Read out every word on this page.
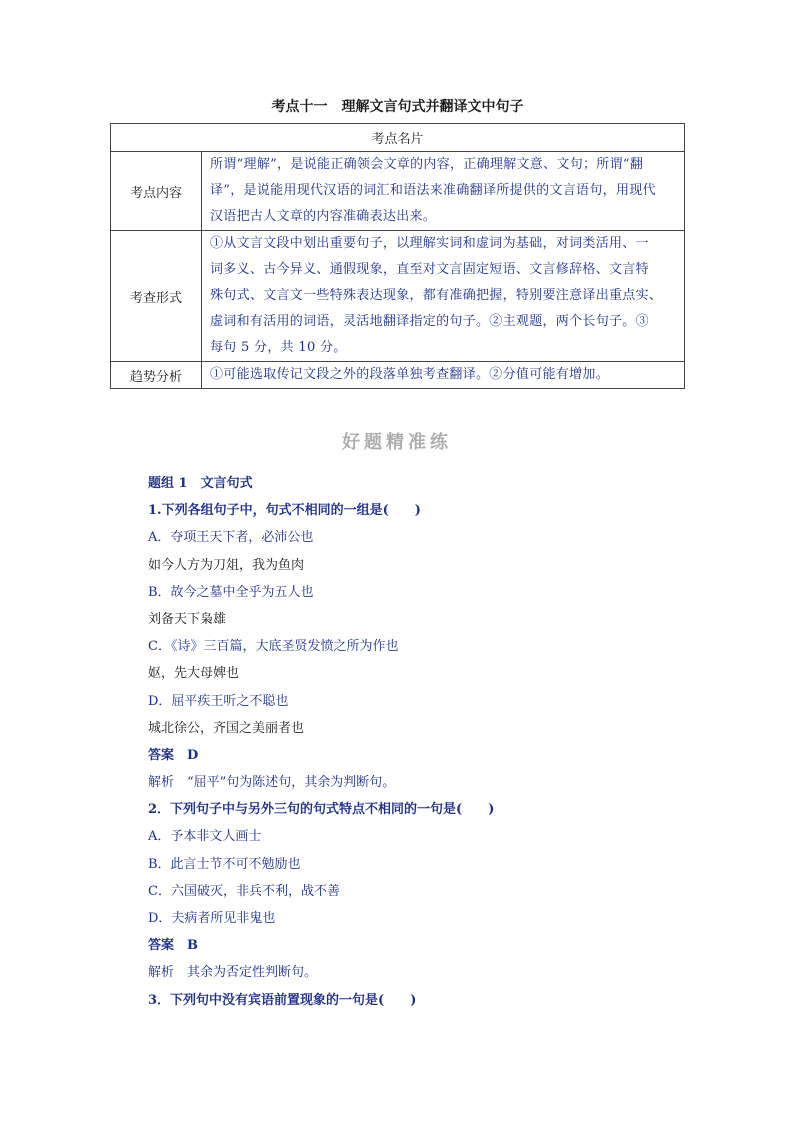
考点十一　理解文言句式并翻译文中句子
考点名片	
考点内容	所谓“理解”，是说能正确领会文章的内容，正确理解文意、文句；所谓“翻
译”，是说能用现代汉语的词汇和语法来准确翻译所提供的文言语句，用现代
汉语把古人文章的内容准确表达出来。

考查形式	①从文言文段中划出重要句子，以理解实词和虚词为基础，对词类活用、一
词多义、古今异义、通假现象，直至对文言固定短语、文言修辞格、文言特
殊句式、文言文一些特殊表达现象，都有准确把握，特别要注意译出重点实、
虚词和有活用的词语，灵活地翻译指定的句子。②主观题，两个长句子。③
每句 5 分，共 10 分。

趋势分析	①可能选取传记文段之外的段落单独考查翻译。②分值可能有增加。
好题精准练
题组 1　文言句式
1.下列各组句子中，句式不相同的一组是(　　)
A．夺项王天下者，必沛公也
如今人方为刀俎，我为鱼肉
B．故今之墓中全乎为五人也
刘备天下枭雄
C．《诗》三百篇，大底圣贤发愤之所为作也
妪，先大母婢也
D．屈平疾王听之不聪也
城北徐公，齐国之美丽者也
答案　D
解析　“屈平”句为陈述句，其余为判断句。
2．下列句子中与另外三句的句式特点不相同的一句是(　　)
A．予本非文人画士
B．此言士节不可不勉励也
C．六国破灭，非兵不利，战不善
D．夫病者所见非鬼也
答案　B
解析　其余为否定性判断句。
3．下列句中没有宾语前置现象的一句是(　　)
